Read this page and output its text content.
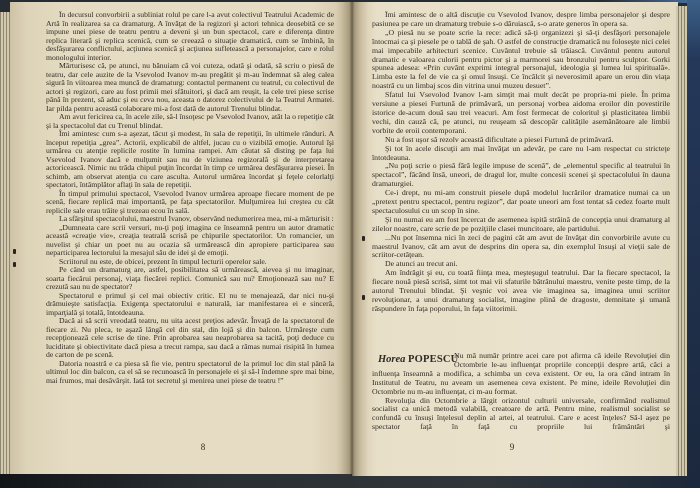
În decursul convorbirii a subliniat rolul pe care l-a avut colectivul Teatrului Academic de Artă în realizarea sa ca dramaturg. A învăţat de la regizori şi actori tehnica deosebită ce se impune unei piese de teatru pentru a deveni şi un bun spectacol, care e diferenţa dintre replica literară şi replica scenică, cum se creează o situaţie dramatică, cum se îmbină, în desfăşurarea conflictului, acţiunea scenică şi acţiunea sufletească a personajelor, care e rolul monologului interior.

Mărturisesc că, pe atunci, nu bănuiam că voi cuteza, odată şi odată, să scriu o piesă de teatru, dar cele auzite de la Vsevolod Ivanov m-au pregătit şi m-au îndemnat să aleg calea sigură în viitoarea mea muncă de dramaturg: contactul permanent cu teatrul, cu colectivul de actori şi regizori, care au fost primii mei sfătuitori, şi dacă am reuşit, la cele trei piese scrise până în prezent, să aduc şi eu ceva nou, aceasta o datorez colectivului de la Teatrul Armatei. Iar pilda pentru această colaborare mi-a fost dată de autorul Trenului blindat.

Am avut fericirea ca, în acele zile, să-l însoţesc pe Vsevolod Ivanov, atât la o repetiţie cât şi la spectacolul dat cu Trenul blindat.

Îmi amintesc cum s-a aşezat, tăcut şi modest, în sala de repetiţii, în ultimele rânduri. A început repetiţia „grea”. Actorii, explicabil de altfel, jucau cu o vizibilă emoţie. Autorul îşi urmărea cu atenţie replicile rostite în lumina rampei. Am căutat să disting pe faţa lui Vsevolod Ivanov dacă e mulţumit sau nu de viziunea regizorală şi de interpretarea actoricească. Nimic nu trăda chipul puţin încordat în timp ce urmărea desfăşurarea piesei. În schimb, am observat atenţia cu care asculta. Autorul urmărea încordat şi feţele celorlalţi spectatori, întâmplător aflaţi în sala de repetiţii.

În timpul primului spectacol, Vsevolod Ivanov urmărea aproape fiecare moment de pe scenă, fiecare replică mai importantă, pe faţa spectatorilor. Mulţumirea lui creştea cu cât replicile sale erau trăite şi trezeau ecou în sală.

La sfârşitul spectacolului, maestrul Ivanov, observând nedumerirea mea, mi-a mărturisit :

„Dumneata care scrii versuri, nu-ţi poţi imagina ce înseamnă pentru un autor dramatic această «creaţie vie», creaţia teatrală scrisă pe chipurile spectatorilor. Un romancier, un nuvelist şi chiar un poet nu au ocazia să urmărească din apropiere participarea sau neparticiparea lectorului la mesajul său de idei şi de emoţii.

Scriitorul nu este, de obicei, prezent în timpul lecturii operelor sale.

Pe când un dramaturg are, astfel, posibilitatea să urmărească, aievea şi nu imaginar, soarta fiecărui personaj, viaţa fiecărei replici. Comunică sau nu? Emoţionează sau nu? E crezută sau nu de spectator?

Spectatorul e primul şi cel mai obiectiv critic. El nu te menajează, dar nici nu-şi drămuieşte satisfacţia. Exigenţa spectatorului e naturală, iar manifestarea ei e sinceră, imparţială şi totală, întotdeauna.

Dacă ai să scrii vreodată teatru, nu uita acest preţios adevăr. Învaţă de la spectatorul de fiecare zi. Nu pleca, te aşază lângă cel din stal, din lojă şi din balcon. Urmăreşte cum recepţionează cele scrise de tine. Prin aprobarea sau neaprobarea sa tacită, poţi deduce cu luciditate şi obiectivitate dacă piesa a trecut rampa, sau dacă a rămas numai risipită în lumea de carton de pe scenă.

Datoria noastră e ca piesa să fie vie, pentru spectatorul de la primul loc din stal până la ultimul loc din balcon, ca el să se recunoască în personajele ei şi să-l îndemne spre mai bine, mai frumos, mai desăvârşit. Iată tot secretul şi menirea unei piese de teatru !”

8

Îmi amintesc de o altă discuţie cu Vsevolod Ivanov, despre limba personajelor şi despre pasiunea pe care un dramaturg trebuie s-o dăruiască, s-o arate generos în opera sa.

„O piesă nu se poate scrie la rece: adică să-ţi organizezi şi să-ţi desfăşori personajele întocmai ca şi piesele pe o tablă de şah. O astfel de construcţie dramatică nu foloseşte nici celei mai impecabile arhitecturi scenice. Cuvântul trebuie să trăiască. Cuvântul pentru autorul dramatic e valoarea culorii pentru pictor şi a marmorei sau bronzului pentru sculptor. Gorki spunea adesea: «Prin cuvânt exprimi integral personajul, ideologia şi lumea lui spirituală». Limba este la fel de vie ca şi omul însuşi. Ce încâlcit şi neverosimil apare un erou din viaţa noastră cu un limbaj scos din vitrina unui muzeu desuet”.

Sfatul lui Vsevolod Ivanov l-am simţit mai mult decât pe propria-mi piele. În prima versiune a piesei Furtună de primăvară, un personaj vorbea aidoma eroilor din povestirile istorice de-acum două sau trei veacuri. Am fost fermecat de coloritul şi plasticitatea limbii vechi, din cauză că, pe atunci, nu reuşeam să descopăr calităţile asemănătoare ale limbii vorbite de eroii contemporani.

Nu a fost uşor să rezolv această dificultate a piesei Furtună de primăvară.

Şi tot în acele discuţii am mai învăţat un adevăr, pe care nu l-am respectat cu stricteţe întotdeauna.

„Nu poţi scrie o piesă fără legile impuse de scenă”, de „elementul specific al teatrului în spectacol”, făcând însă, uneori, de dragul lor, multe concesii scenei şi spectacolului în dauna dramaturgiei.

Ce-i drept, nu mi-am construit piesele după modelul lucrărilor dramatice numai ca un „pretext pentru spectacol, pentru regizor”, dar poate uneori am fost tentat să cedez foarte mult spectaculosului cu un scop în sine.

Şi nu numai eu am fost încercat de asemenea ispită străină de concepţia unui dramaturg al zilelor noastre, care scrie de pe poziţiile clasei muncitoare, ale partidului.

...Nu pot însemna nici în zeci de pagini cât am avut de învăţat din convorbirile avute cu maestrul Ivanov, cât am avut de desprins din opera sa, din exemplul însuşi al vieţii sale de scriitor-cetăţean.

De atunci au trecut ani.

Am îndrăgit şi eu, cu toată fiinţa mea, meşteşugul teatrului. Dar la fiecare spectacol, la fiecare nouă piesă scrisă, simt tot mai vii sfaturile bătrânului maestru, venite peste timp, de la autorul Trenului blindat. Şi veşnic voi avea vie imaginea sa, imaginea unui scriitor revoluţionar, a unui dramaturg socialist, imagine plină de dragoste, demnitate şi umană răspundere în faţa poporului, în faţa viitorimii.

Horea POPESCU

Nu mă număr printre acei care pot afirma că ideile Revoluţiei din Octombrie le-au influenţat propriile concepţii despre artă, căci a influenţa înseamnă a modifica, a schimba un ceva existent. Or eu, la ora când intram în Institutul de Teatru, nu aveam un asemenea ceva existent. Pe mine, ideile Revoluţiei din Octombrie nu m-au influenţat, ci m-au format.

Revoluţia din Octombrie a lărgit orizontul culturii universale, confirmând realismul socialist ca unică metodă valabilă, creatoare de artă. Pentru mine, realismul socialist se confundă cu însuşi înţelesul deplin al artei, al teatrului. Care e acest înţeles? Să-l aşez pe spectator faţă în faţă cu propriile lui frământări şi

9
